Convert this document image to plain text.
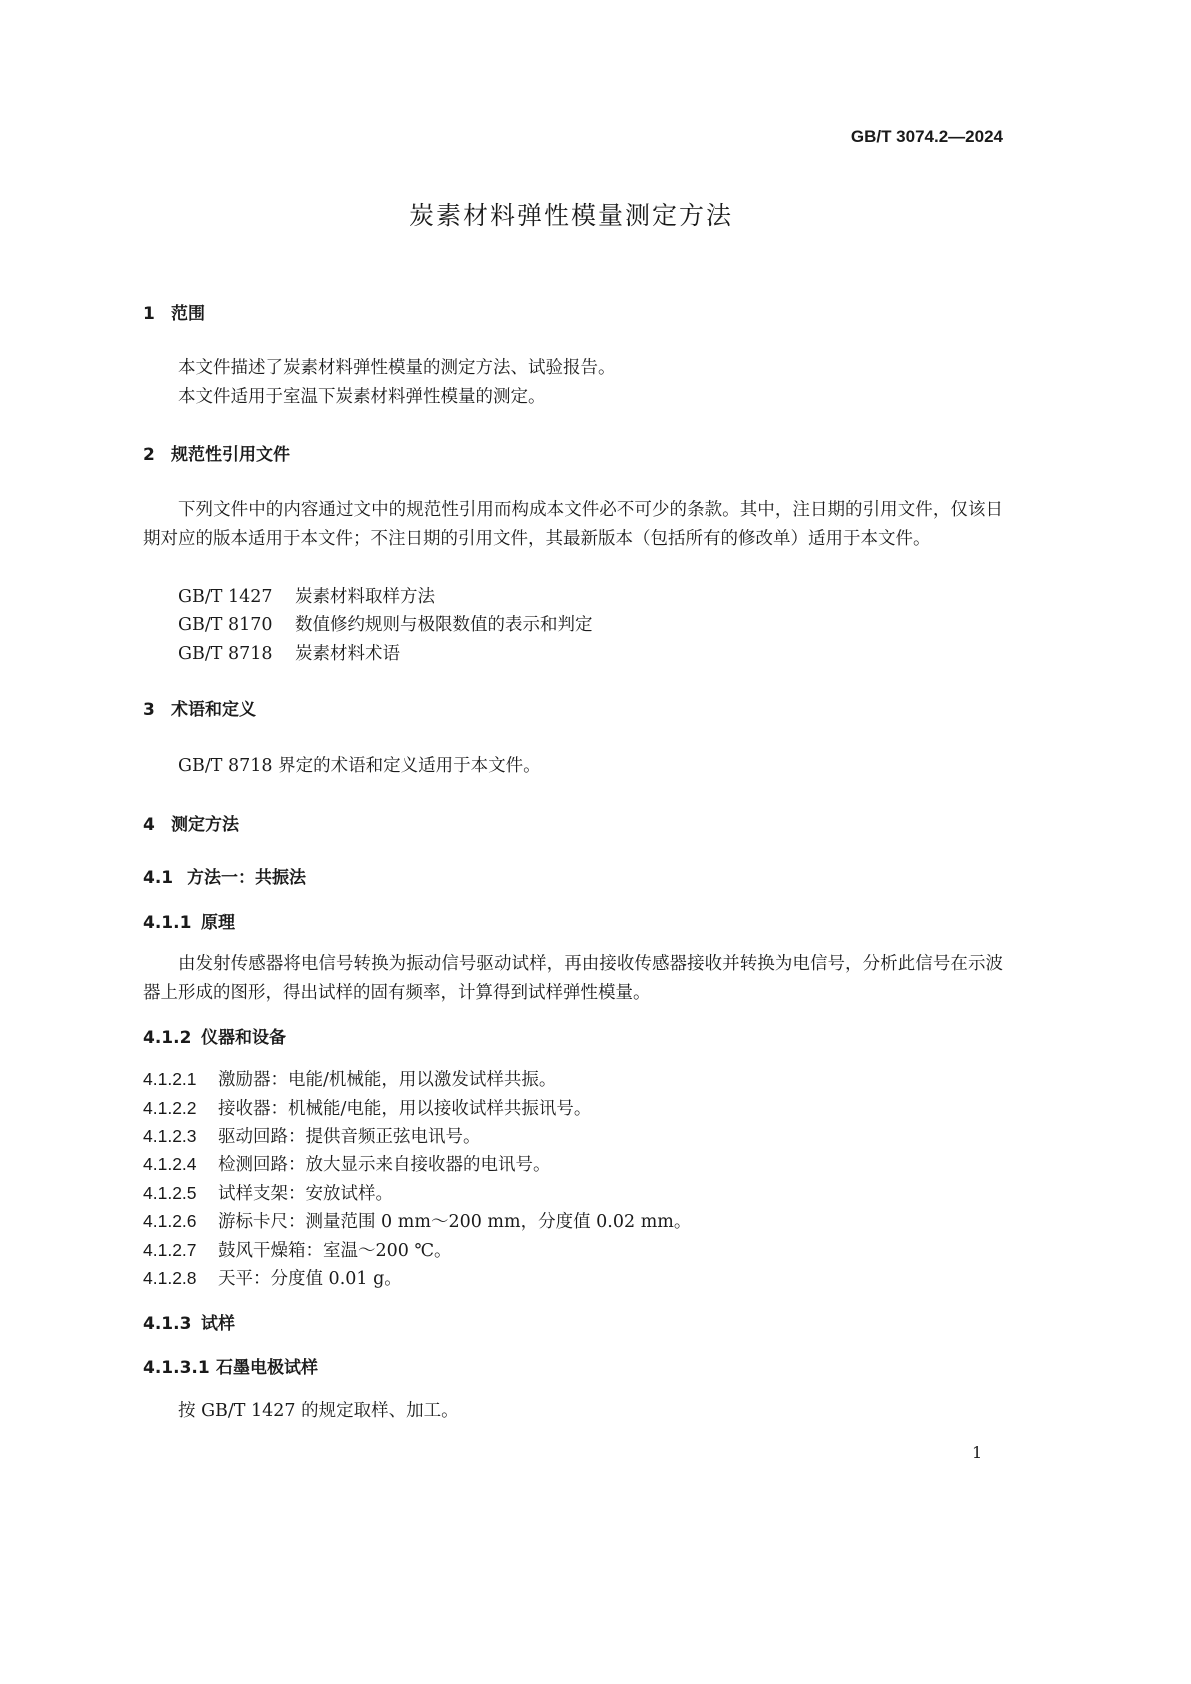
GB/T 3074.2—2024
炭素材料弹性模量测定方法
1 范围
本文件描述了炭素材料弹性模量的测定方法、试验报告。
本文件适用于室温下炭素材料弹性模量的测定。
2 规范性引用文件
下列文件中的内容通过文中的规范性引用而构成本文件必不可少的条款。其中，注日期的引用文件，仅该日期对应的版本适用于本文件；不注日期的引用文件，其最新版本（包括所有的修改单）适用于本文件。
GB/T 1427 炭素材料取样方法
GB/T 8170 数值修约规则与极限数值的表示和判定
GB/T 8718 炭素材料术语
3 术语和定义
GB/T 8718 界定的术语和定义适用于本文件。
4 测定方法
4.1 方法一：共振法
4.1.1 原理
由发射传感器将电信号转换为振动信号驱动试样，再由接收传感器接收并转换为电信号，分析此信号在示波器上形成的图形，得出试样的固有频率，计算得到试样弹性模量。
4.1.2 仪器和设备
4.1.2.1 激励器：电能/机械能，用以激发试样共振。
4.1.2.2 接收器：机械能/电能，用以接收试样共振讯号。
4.1.2.3 驱动回路：提供音频正弦电讯号。
4.1.2.4 检测回路：放大显示来自接收器的电讯号。
4.1.2.5 试样支架：安放试样。
4.1.2.6 游标卡尺：测量范围 0 mm～200 mm，分度值 0.02 mm。
4.1.2.7 鼓风干燥箱：室温～200 ℃。
4.1.2.8 天平：分度值 0.01 g。
4.1.3 试样
4.1.3.1 石墨电极试样
按 GB/T 1427 的规定取样、加工。
1
